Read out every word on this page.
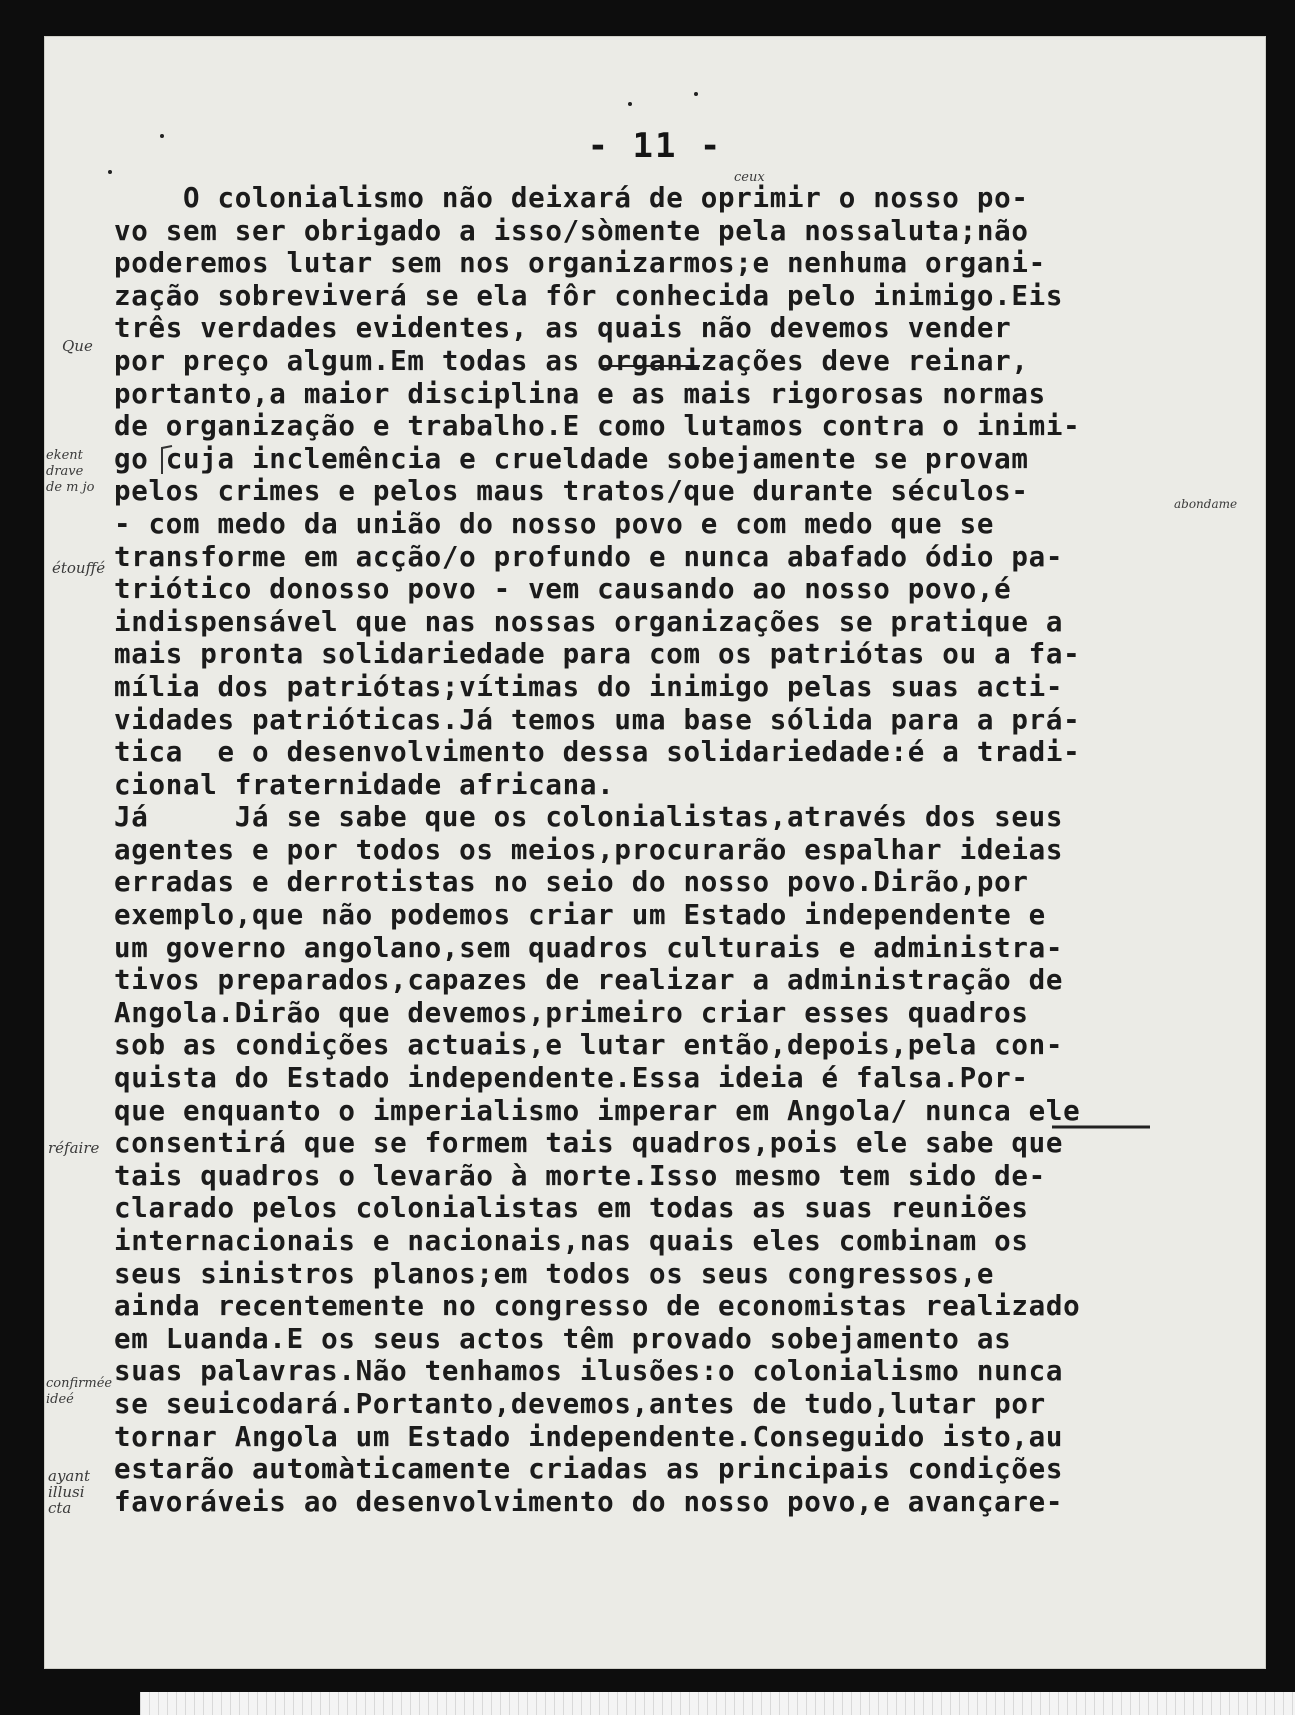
- 11 -
O colonialismo não deixará de oprimir o nosso po-
vo sem ser obrigado a isso/sòmente pela nossaluta;não
poderemos lutar sem nos organizarmos;e nenhuma organi-
zação sobreviverá se ela fôr conhecida pelo inimigo.Eis
três verdades evidentes, as quais não devemos vender
por preço algum.Em todas as organizações deve reinar,
portanto,a maior disciplina e as mais rigorosas normas
de organização e trabalho.E como lutamos contra o inimi-
go cuja inclemência e crueldade sobejamente se provam
pelos crimes e pelos maus tratos/que durante séculos-
- com medo da união do nosso povo e com medo que se
transforme em acção/o profundo e nunca abafado ódio pa-
triótico donosso povo - vem causando ao nosso povo,é
indispensável que nas nossas organizações se pratique a
mais pronta solidariedade para com os patriótas ou a fa-
mília dos patriótas;vítimas do inimigo pelas suas acti-
vidades patrióticas.Já temos uma base sólida para a prá-
tica  e o desenvolvimento dessa solidariedade:é a tradi-
cional fraternidade africana.
Já     Já se sabe que os colonialistas,através dos seus
agentes e por todos os meios,procurarão espalhar ideias
erradas e derrotistas no seio do nosso povo.Dirão,por
exemplo,que não podemos criar um Estado independente e
um governo angolano,sem quadros culturais e administra-
tivos preparados,capazes de realizar a administração de
Angola.Dirão que devemos,primeiro criar esses quadros
sob as condições actuais,e lutar então,depois,pela con-
quista do Estado independente.Essa ideia é falsa.Por-
que enquanto o imperialismo imperar em Angola/ nunca ele
consentirá que se formem tais quadros,pois ele sabe que
tais quadros o levarão à morte.Isso mesmo tem sido de-
clarado pelos colonialistas em todas as suas reuniões
internacionais e nacionais,nas quais eles combinam os
seus sinistros planos;em todos os seus congressos,e
ainda recentemente no congresso de economistas realizado
em Luanda.E os seus actos têm provado sobejamento as
suas palavras.Não tenhamos ilusões:o colonialismo nunca
se seuicodará.Portanto,devemos,antes de tudo,lutar por
tornar Angola um Estado independente.Conseguido isto,au
estarão automàticamente criadas as principais condições
favoráveis ao desenvolvimento do nosso povo,e avançare-
Que
ekent
drave
de m jo
étouffé
réfaire
confirmée
ideé
ayant
illusi
cta
abondame
ceux
